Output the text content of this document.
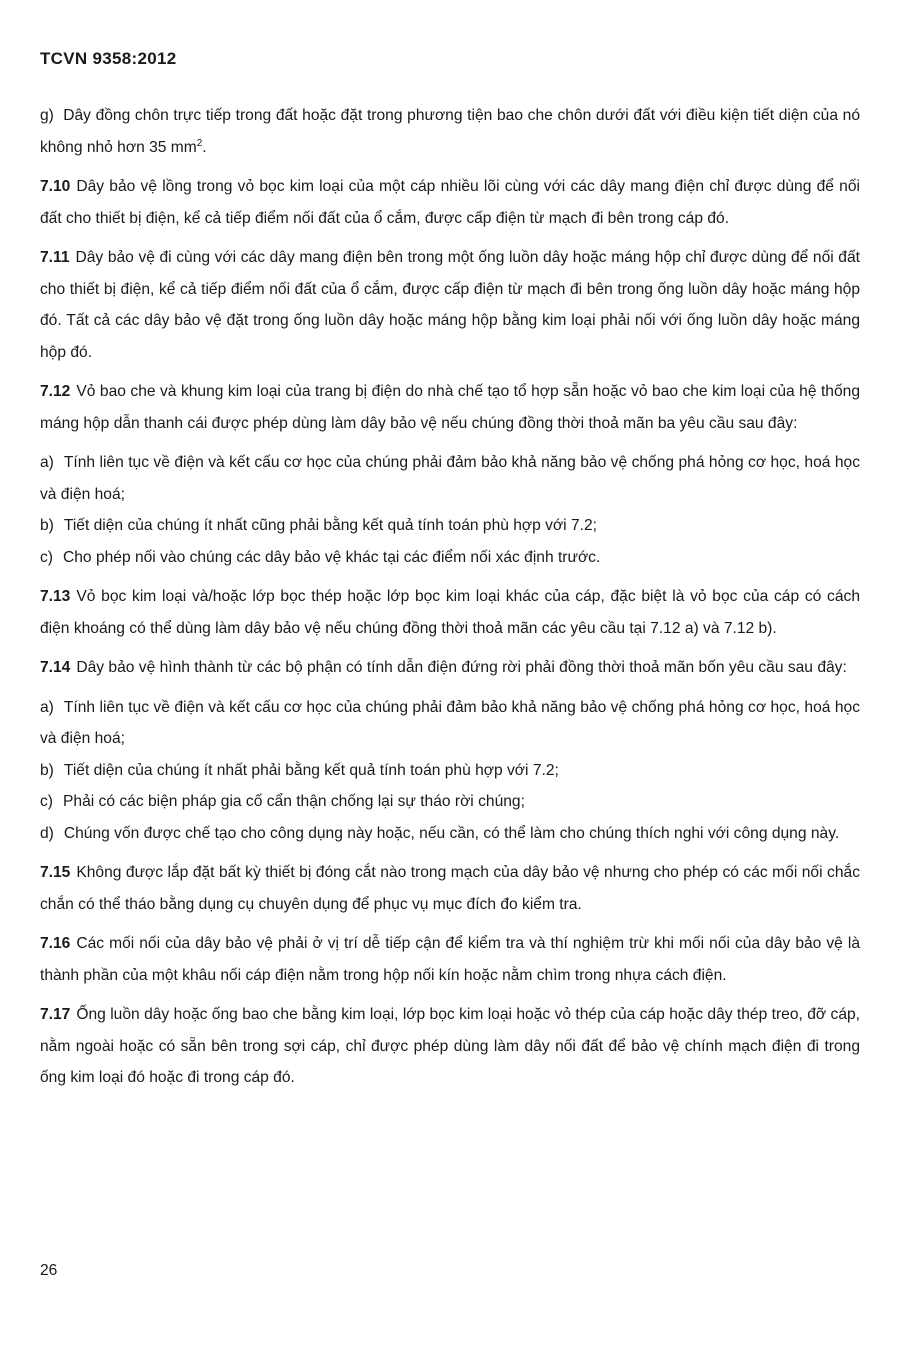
TCVN 9358:2012

g) Dây đồng chôn trực tiếp trong đất hoặc đặt trong phương tiện bao che chôn dưới đất với điều kiện tiết diện của nó không nhỏ hơn 35 $mm^2$.

7.10 Dây bảo vệ lồng trong vỏ bọc kim loại của một cáp nhiều lõi cùng với các dây mang điện chỉ được dùng để nối đất cho thiết bị điện, kể cả tiếp điểm nối đất của ổ cắm, được cấp điện từ mạch đi bên trong cáp đó.

7.11 Dây bảo vệ đi cùng với các dây mang điện bên trong một ống luồn dây hoặc máng hộp chỉ được dùng để nối đất cho thiết bị điện, kể cả tiếp điểm nối đất của ổ cắm, được cấp điện từ mạch đi bên trong ống luồn dây hoặc máng hộp đó. Tất cả các dây bảo vệ đặt trong ống luồn dây hoặc máng hộp bằng kim loại phải nối với ống luồn dây hoặc máng hộp đó.

7.12 Vỏ bao che và khung kim loại của trang bị điện do nhà chế tạo tổ hợp sẵn hoặc vỏ bao che kim loại của hệ thống máng hộp dẫn thanh cái được phép dùng làm dây bảo vệ nếu chúng đồng thời thoả mãn ba yêu cầu sau đây:

a) Tính liên tục về điện và kết cấu cơ học của chúng phải đảm bảo khả năng bảo vệ chống phá hỏng cơ học, hoá học và điện hoá;

b) Tiết diện của chúng ít nhất cũng phải bằng kết quả tính toán phù hợp với 7.2;

c) Cho phép nối vào chúng các dây bảo vệ khác tại các điểm nối xác định trước.

7.13 Vỏ bọc kim loại và/hoặc lớp bọc thép hoặc lớp bọc kim loại khác của cáp, đặc biệt là vỏ bọc của cáp có cách điện khoáng có thể dùng làm dây bảo vệ nếu chúng đồng thời thoả mãn các yêu cầu tại 7.12 a) và 7.12 b).

7.14 Dây bảo vệ hình thành từ các bộ phận có tính dẫn điện đứng rời phải đồng thời thoả mãn bốn yêu cầu sau đây:

a) Tính liên tục về điện và kết cấu cơ học của chúng phải đảm bảo khả năng bảo vệ chống phá hỏng cơ học, hoá học và điện hoá;

b) Tiết diện của chúng ít nhất phải bằng kết quả tính toán phù hợp với 7.2;

c) Phải có các biện pháp gia cố cẩn thận chống lại sự tháo rời chúng;

d) Chúng vốn được chế tạo cho công dụng này hoặc, nếu cần, có thể làm cho chúng thích nghi với công dụng này.

7.15 Không được lắp đặt bất kỳ thiết bị đóng cắt nào trong mạch của dây bảo vệ nhưng cho phép có các mối nối chắc chắn có thể tháo bằng dụng cụ chuyên dụng để phục vụ mục đích đo kiểm tra.

7.16 Các mối nối của dây bảo vệ phải ở vị trí dễ tiếp cận để kiểm tra và thí nghiệm trừ khi mối nối của dây bảo vệ là thành phần của một khâu nối cáp điện nằm trong hộp nối kín hoặc nằm chìm trong nhựa cách điện.

7.17 Ống luồn dây hoặc ống bao che bằng kim loại, lớp bọc kim loại hoặc vỏ thép của cáp hoặc dây thép treo, đỡ cáp, nằm ngoài hoặc có sẵn bên trong sợi cáp, chỉ được phép dùng làm dây nối đất để bảo vệ chính mạch điện đi trong ống kim loại đó hoặc đi trong cáp đó.

26
